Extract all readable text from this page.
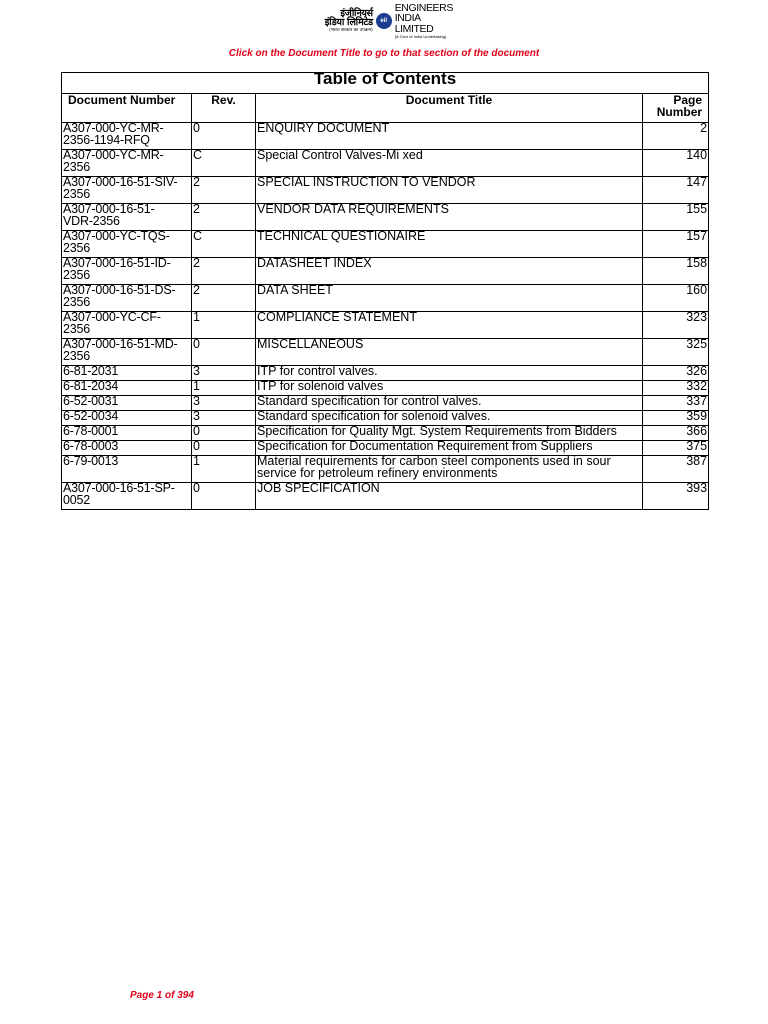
इंजीनियर्स
इंडिया लिमिटेड
(भारत सरकार का उपक्रम)
eil
ENGINEERS
INDIA LIMITED
(A Govt of India Undertaking)
Click on the Document Title to go to that section of the document
Table of Contents			
Document Number	Rev.	Document Title	Page
Number
A307-000-YC-MR-
2356-1194-RFQ	0	ENQUIRY DOCUMENT	2
A307-000-YC-MR-
2356	C	Special Control Valves-Mi xed	140
A307-000-16-51-SIV-
2356	2	SPECIAL INSTRUCTION TO VENDOR	147
A307-000-16-51-
VDR-2356	2	VENDOR DATA REQUIREMENTS	155
A307-000-YC-TQS-
2356	C	TECHNICAL QUESTIONAIRE	157
A307-000-16-51-ID-
2356	2	DATASHEET INDEX	158
A307-000-16-51-DS-
2356	2	DATA SHEET	160
A307-000-YC-CF-
2356	1	COMPLIANCE STATEMENT	323
A307-000-16-51-MD-
2356	0	MISCELLANEOUS	325
6-81-2031	3	ITP for control valves.	326
6-81-2034	1	ITP for solenoid valves	332
6-52-0031	3	Standard specification for control valves.	337
6-52-0034	3	Standard specification for solenoid valves.	359
6-78-0001	0	Specification for Quality Mgt. System Requirements from Bidders	366
6-78-0003	0	Specification for Documentation Requirement from Suppliers	375
6-79-0013	1	Material requirements for carbon steel components used in sour
service for petroleum refinery environments	387
A307-000-16-51-SP-
0052	0	JOB SPECIFICATION	393
Page 1 of 394
